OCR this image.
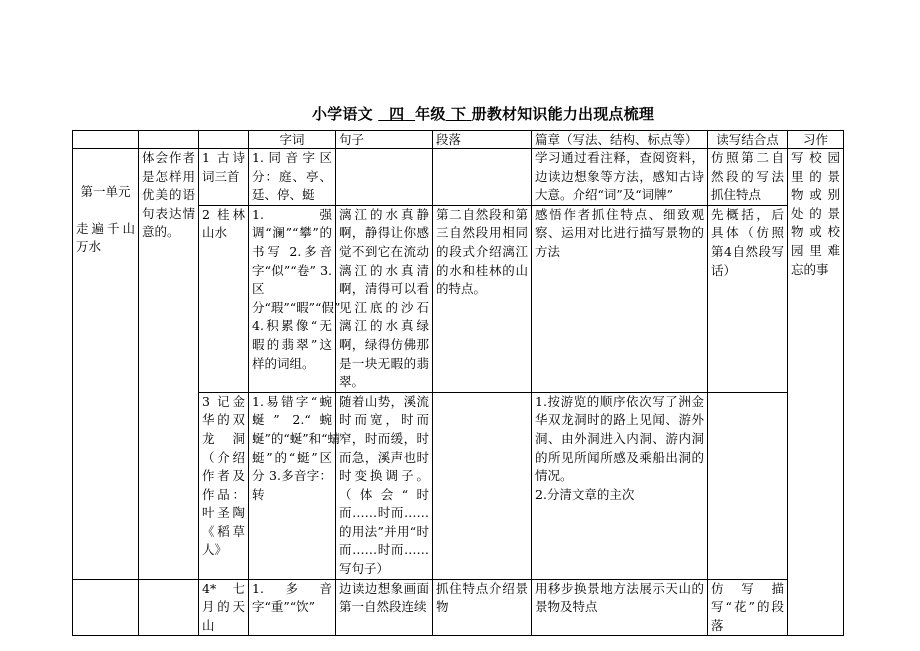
小学语文 四 年级 下 册教材知识能力出现点梳理
			字词	句子	段落	篇章（写法、结构、标点等）	读写结合点	习作

第一单元
走遍千山万水	体会作者是怎样用优美的语句表达情意的。	1 古诗词三首	1.同音字区分：庭、亭、廷、停、蜓			学习通过看注释，查阅资料，边读边想象等方法，感知古诗大意。介绍“词”及“词牌”	仿照第二自然段的写法抓住特点	写校园里的景物或别处的景物或校园里难忘的事
		2 桂林山水	1.强调“澜”“攀”的书写 2.多音字“似”“卷” 3.区分“瑕”“暇”“假” 4.积累像“无暇的翡翠”这样的词组。	漓江的水真静啊，静得让你感觉不到它在流动 漓江的水真清啊，清得可以看见江底的沙石 漓江的水真绿啊，绿得仿佛那是一块无暇的翡翠。	第二自然段和第三自然段用相同的段式介绍漓江的水和桂林的山的特点。	感悟作者抓住特点、细致观察、运用对比进行描写景物的方法	先概括，后具体（仿照第4自然段写话）	
		3 记金华的双龙洞（介绍作者及作品：叶圣陶《稻草人》	1.易错字“蜿蜒” 2.“蜿蜒”的“蜒”和“蜻蜓”的“蜓”区分 3.多音字：转	随着山势，溪流时而宽，时而窄，时而缓，时而急，溪声也时时变换调子。（体会“时而……时而……的用法”并用“时而……时而……写句子）		1.按游览的顺序依次写了洲金华双龙洞时的路上见闻、游外洞、由外洞进入内洞、游内洞的所见所闻所感及乘船出洞的情况。
2.分清文章的主次		

		4* 七月的天山	1.多音字“重”“饮”	边读边想象画面第一自然段连续	抓住特点介绍景物	用移步换景地方法展示天山的景物及特点	仿写描写“花”的段落	
